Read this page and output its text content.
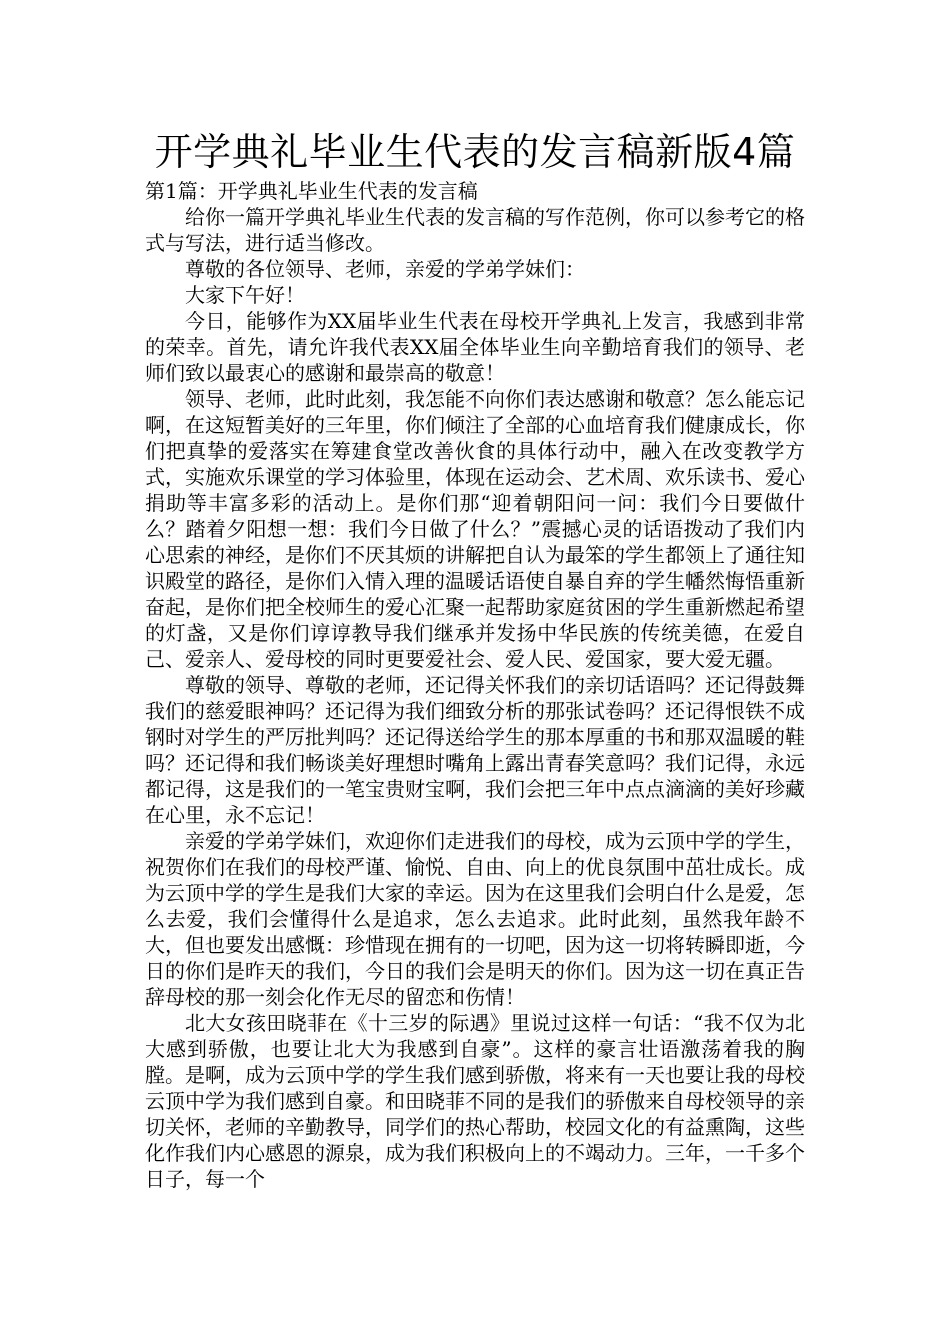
开学典礼毕业生代表的发言稿新版4篇

第1篇：开学典礼毕业生代表的发言稿

给你一篇开学典礼毕业生代表的发言稿的写作范例，你可以参考它的格式与写法，进行适当修改。

尊敬的各位领导、老师，亲爱的学弟学妹们：

大家下午好！

今日，能够作为XX届毕业生代表在母校开学典礼上发言，我感到非常的荣幸。首先，请允许我代表XX届全体毕业生向辛勤培育我们的领导、老师们致以最衷心的感谢和最崇高的敬意！

领导、老师，此时此刻，我怎能不向你们表达感谢和敬意？怎么能忘记啊，在这短暂美好的三年里，你们倾注了全部的心血培育我们健康成长，你们把真挚的爱落实在筹建食堂改善伙食的具体行动中，融入在改变教学方式，实施欢乐课堂的学习体验里，体现在运动会、艺术周、欢乐读书、爱心捐助等丰富多彩的活动上。是你们那“迎着朝阳问一问：我们今日要做什么？踏着夕阳想一想：我们今日做了什么？”震撼心灵的话语拨动了我们内心思索的神经，是你们不厌其烦的讲解把自认为最笨的学生都领上了通往知识殿堂的路径，是你们入情入理的温暖话语使自暴自弃的学生幡然悔悟重新奋起，是你们把全校师生的爱心汇聚一起帮助家庭贫困的学生重新燃起希望的灯盏，又是你们谆谆教导我们继承并发扬中华民族的传统美德，在爱自己、爱亲人、爱母校的同时更要爱社会、爱人民、爱国家，要大爱无疆。

尊敬的领导、尊敬的老师，还记得关怀我们的亲切话语吗？还记得鼓舞我们的慈爱眼神吗？还记得为我们细致分析的那张试卷吗？还记得恨铁不成钢时对学生的严厉批判吗？还记得送给学生的那本厚重的书和那双温暖的鞋吗？还记得和我们畅谈美好理想时嘴角上露出青春笑意吗？我们记得，永远都记得，这是我们的一笔宝贵财宝啊，我们会把三年中点点滴滴的美好珍藏在心里，永不忘记！

亲爱的学弟学妹们，欢迎你们走进我们的母校，成为云顶中学的学生，祝贺你们在我们的母校严谨、愉悦、自由、向上的优良氛围中茁壮成长。成为云顶中学的学生是我们大家的幸运。因为在这里我们会明白什么是爱，怎么去爱，我们会懂得什么是追求，怎么去追求。此时此刻，虽然我年龄不大，但也要发出感慨：珍惜现在拥有的一切吧，因为这一切将转瞬即逝，今日的你们是昨天的我们，今日的我们会是明天的你们。因为这一切在真正告辞母校的那一刻会化作无尽的留恋和伤情！

北大女孩田晓菲在《十三岁的际遇》里说过这样一句话：“我不仅为北大感到骄傲，也要让北大为我感到自豪”。这样的豪言壮语激荡着我的胸膛。是啊，成为云顶中学的学生我们感到骄傲，将来有一天也要让我的母校云顶中学为我们感到自豪。和田晓菲不同的是我们的骄傲来自母校领导的亲切关怀，老师的辛勤教导，同学们的热心帮助，校园文化的有益熏陶，这些化作我们内心感恩的源泉，成为我们积极向上的不竭动力。三年，一千多个日子，每一个
